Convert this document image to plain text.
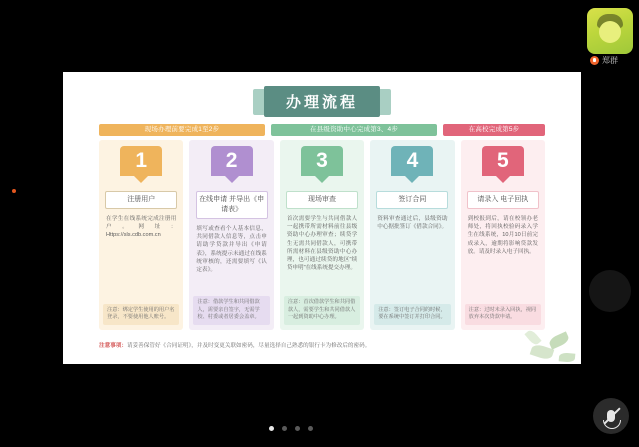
办理流程
现场办理前要完成1至2步	在县级资助中心完成第3、4步	在高校完成第5步
1
注册用户
在学生在线系统完成注册用户。网址：Https://sls.cdb.com.cn
注意：绑定学生使用的用户名登录，不要使用他人账号。
2
在线申请 并导出《申请表》
填写或查看个人基本信息，共同借款人信息等，点击申请助学贷款并导出《申请表》，系统提示未通过在线系统审核的，还需要填写《认定表》。
注意：借款学生和共同借款人，需要亲自签字，无需学校、村委或者居委会盖章。
3
现场审查
首次需要学生与共同借款人一起携带所需材料前往县级资助中心办理审查；续贷学生无需共同借款人，可携带所需材料在县级资助中心办理，也可通过续贷的地区"续贷申明"在线系统提交办理。
注意：首次借款学生和共同借款人，需要学生和共同借款人一起到资助中心办理。
4
签订合同
资料审查通过后，县级资助中心据批签订《借款合同》。
注意：签订电子合同的时候，要在系统中签订并打印合同。
5
请录入 电子回执
到校报到后，请在校领办老师处，将回执校验码录入学生在线系统，10月10日前完成录入，逾期将影响贷款发放。请及时录入电子回执。
注意：过时未录入回执，视同放弃本次贷款申请。
注意事项：请妥善保管好《合同证明》，并及时变更关联如密码，尽量选择自己熟悉的银行卡为修改后的密码。
郑群
